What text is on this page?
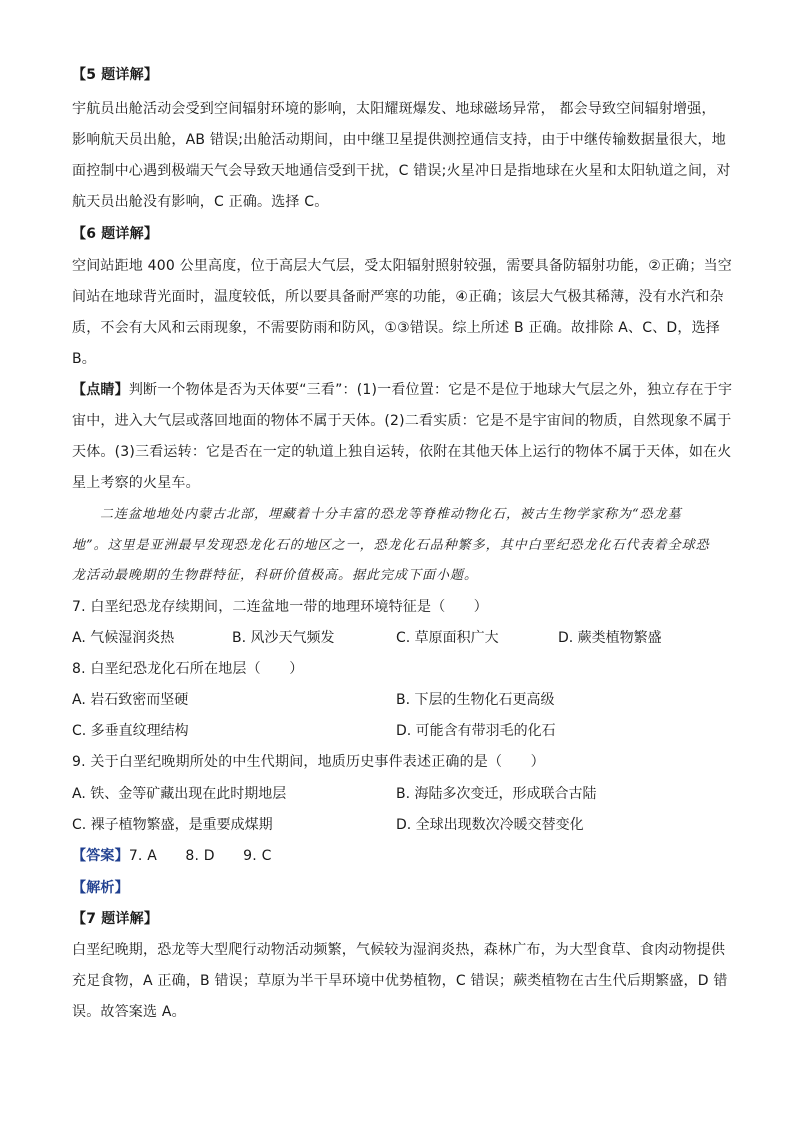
【5 题详解】
宇航员出舱活动会受到空间辐射环境的影响，太阳耀斑爆发、地球磁场异常， 都会导致空间辐射增强，
影响航天员出舱，AB 错误;出舱活动期间，由中继卫星提供测控通信支持，由于中继传输数据量很大，地
面控制中心遇到极端天气会导致天地通信受到干扰，C 错误;火星冲日是指地球在火星和太阳轨道之间，对
航天员出舱没有影响，C 正确。选择 C。
【6 题详解】
空间站距地 400 公里高度，位于高层大气层，受太阳辐射照射较强，需要具备防辐射功能，②正确；当空
间站在地球背光面时，温度较低，所以要具备耐严寒的功能，④正确；该层大气极其稀薄，没有水汽和杂
质，不会有大风和云雨现象，不需要防雨和防风，①③错误。综上所述 B 正确。故排除 A、C、D，选择
B。
【点睛】判断一个物体是否为天体要“三看”：(1)一看位置：它是不是位于地球大气层之外，独立存在于宇
宙中，进入大气层或落回地面的物体不属于天体。(2)二看实质：它是不是宇宙间的物质，自然现象不属于
天体。(3)三看运转：它是否在一定的轨道上独自运转，依附在其他天体上运行的物体不属于天体，如在火
星上考察的火星车。
二连盆地地处内蒙古北部，埋藏着十分丰富的恐龙等脊椎动物化石，被古生物学家称为“恐龙墓
地”。这里是亚洲最早发现恐龙化石的地区之一，恐龙化石品种繁多，其中白垩纪恐龙化石代表着全球恐
龙活动最晚期的生物群特征，科研价值极高。据此完成下面小题。
7. 白垩纪恐龙存续期间，二连盆地一带的地理环境特征是（　　）
A. 气候湿润炎热	B. 风沙天气频发	C. 草原面积广大	D. 蕨类植物繁盛
8. 白垩纪恐龙化石所在地层（　　）
A. 岩石致密而坚硬	B. 下层的生物化石更高级
C. 多垂直纹理结构	D. 可能含有带羽毛的化石
9. 关于白垩纪晚期所处的中生代期间，地质历史事件表述正确的是（　　）
A. 铁、金等矿藏出现在此时期地层	B. 海陆多次变迁，形成联合古陆
C. 裸子植物繁盛，是重要成煤期	D. 全球出现数次冷暖交替变化
【答案】7. A　　8. D　　9. C
【解析】
【7 题详解】
白垩纪晚期，恐龙等大型爬行动物活动频繁，气候较为湿润炎热，森林广布，为大型食草、食肉动物提供
充足食物，A 正确，B 错误；草原为半干旱环境中优势植物，C 错误；蕨类植物在古生代后期繁盛，D 错
误。故答案选 A。
